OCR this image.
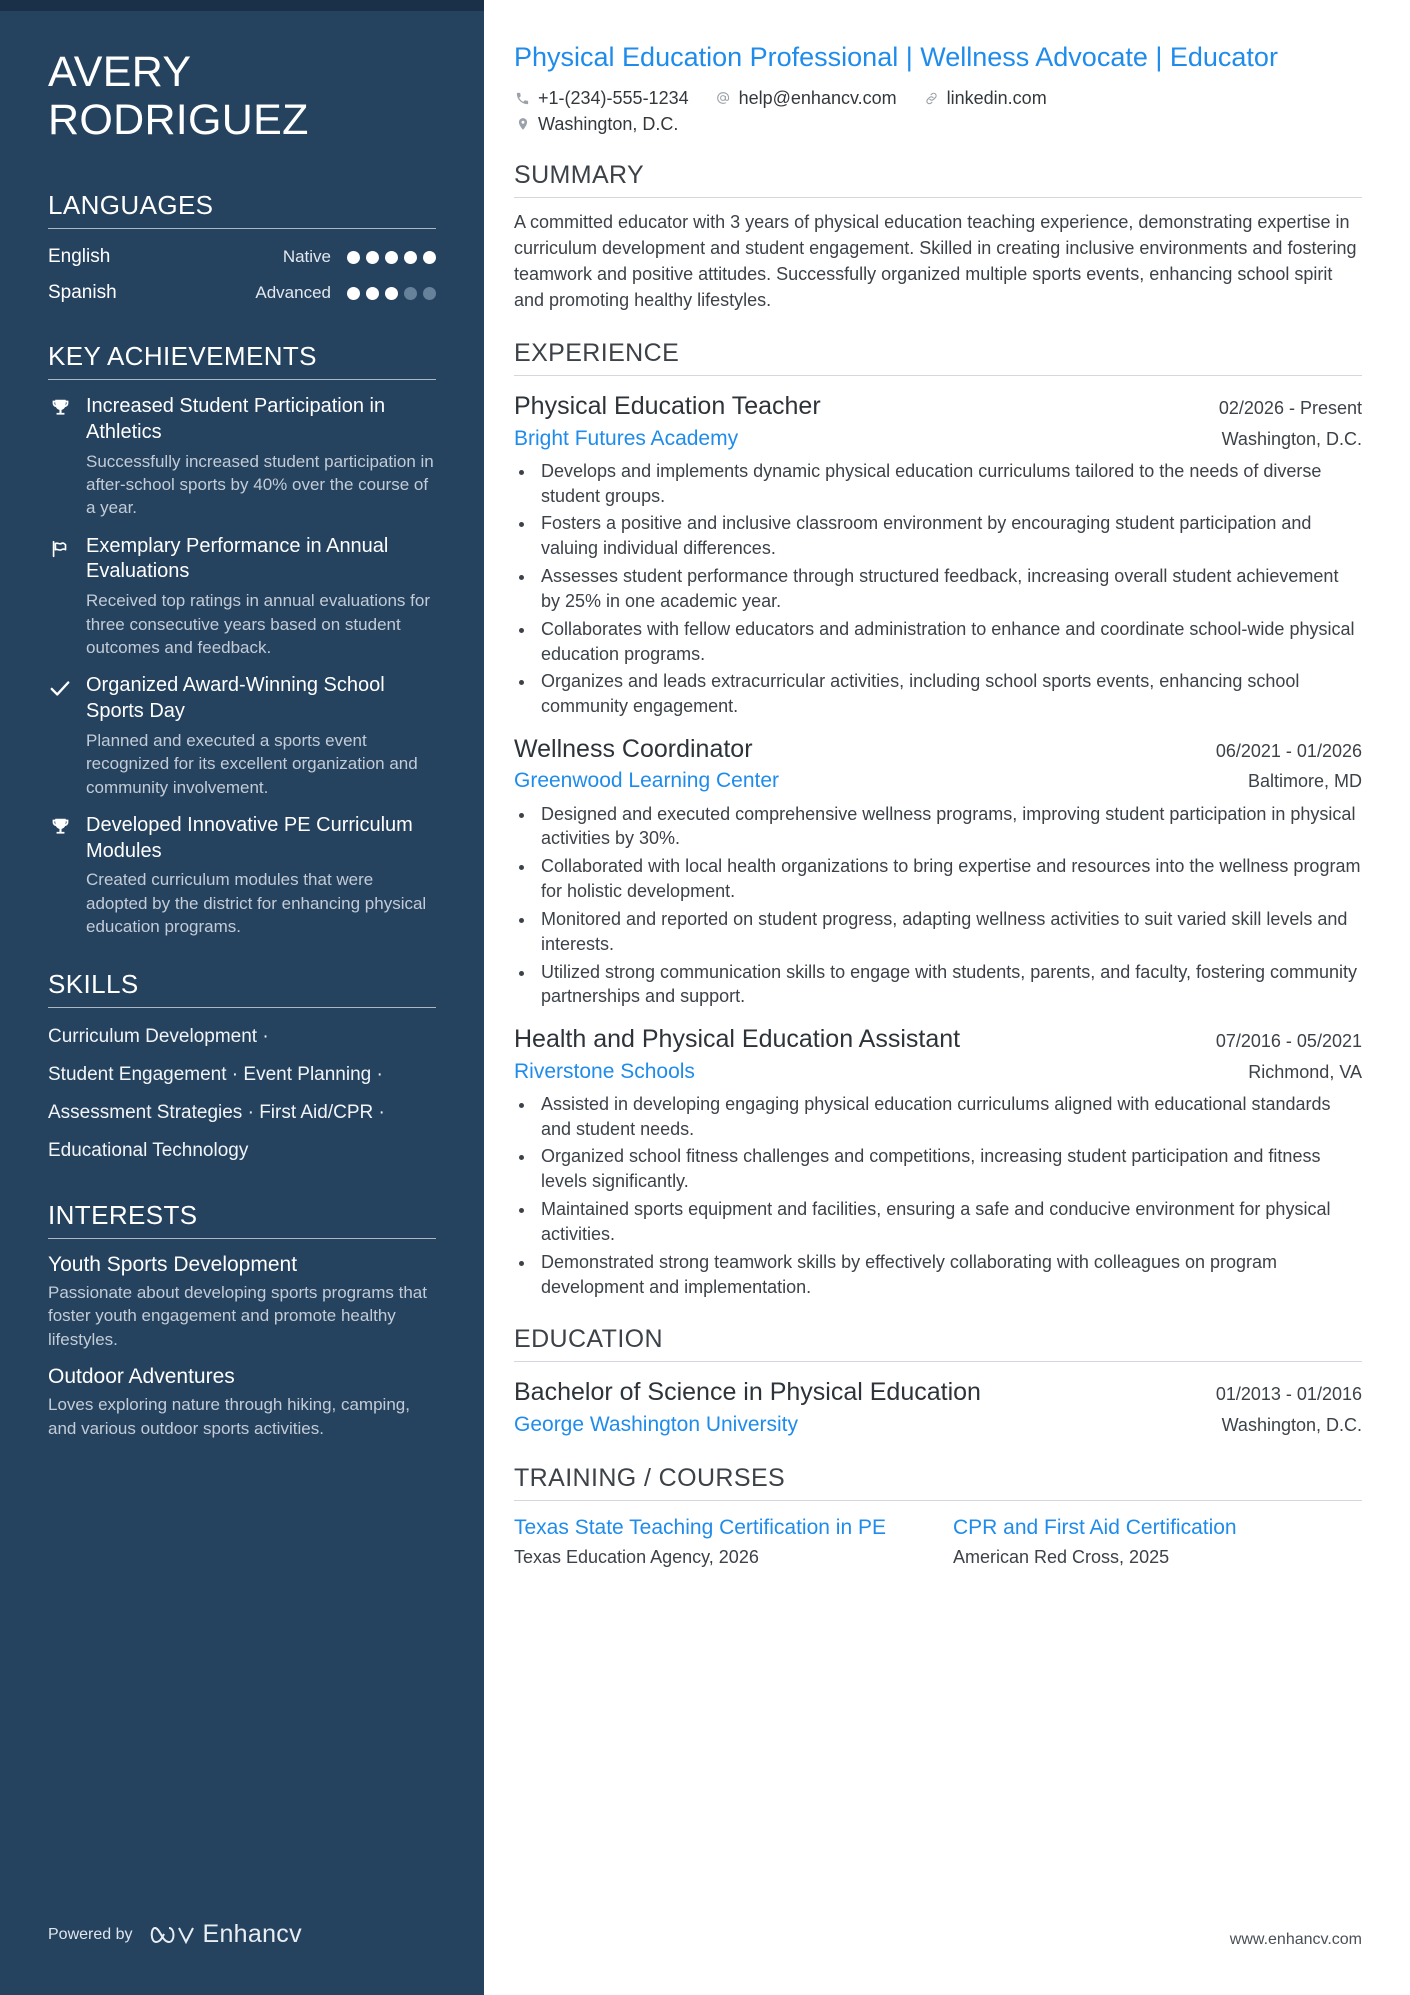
AVERY
RODRIGUEZ
LANGUAGES
English	Native
Spanish	Advanced
KEY ACHIEVEMENTS
Increased Student Participation in Athletics
Successfully increased student participation in after-school sports by 40% over the course of a year.
Exemplary Performance in Annual Evaluations
Received top ratings in annual evaluations for three consecutive years based on student outcomes and feedback.
Organized Award-Winning School Sports Day
Planned and executed a sports event recognized for its excellent organization and community involvement.
Developed Innovative PE Curriculum Modules
Created curriculum modules that were adopted by the district for enhancing physical education programs.
SKILLS
Curriculum Development ·
Student Engagement · Event Planning ·
Assessment Strategies · First Aid/CPR ·
Educational Technology
INTERESTS
Youth Sports Development
Passionate about developing sports programs that foster youth engagement and promote healthy lifestyles.
Outdoor Adventures
Loves exploring nature through hiking, camping, and various outdoor sports activities.
Powered by	Enhancv
Physical Education Professional | Wellness Advocate | Educator
+1-(234)-555-1234	help@enhancv.com	linkedin.com
Washington, D.C.
SUMMARY

A committed educator with 3 years of physical education teaching experience, demonstrating expertise in curriculum development and student engagement. Skilled in creating inclusive environments and fostering teamwork and positive attitudes. Successfully organized multiple sports events, enhancing school spirit and promoting healthy lifestyles.

EXPERIENCE
Physical Education Teacher	02/2026 - Present
Bright Futures Academy	Washington, D.C.
• Develops and implements dynamic physical education curriculums tailored to the needs of diverse student groups.
• Fosters a positive and inclusive classroom environment by encouraging student participation and valuing individual differences.
• Assesses student performance through structured feedback, increasing overall student achievement by 25% in one academic year.
• Collaborates with fellow educators and administration to enhance and coordinate school-wide physical education programs.
• Organizes and leads extracurricular activities, including school sports events, enhancing school community engagement.
Wellness Coordinator	06/2021 - 01/2026
Greenwood Learning Center	Baltimore, MD
• Designed and executed comprehensive wellness programs, improving student participation in physical activities by 30%.
• Collaborated with local health organizations to bring expertise and resources into the wellness program for holistic development.
• Monitored and reported on student progress, adapting wellness activities to suit varied skill levels and interests.
• Utilized strong communication skills to engage with students, parents, and faculty, fostering community partnerships and support.
Health and Physical Education Assistant	07/2016 - 05/2021
Riverstone Schools	Richmond, VA
• Assisted in developing engaging physical education curriculums aligned with educational standards and student needs.
• Organized school fitness challenges and competitions, increasing student participation and fitness levels significantly.
• Maintained sports equipment and facilities, ensuring a safe and conducive environment for physical activities.
• Demonstrated strong teamwork skills by effectively collaborating with colleagues on program development and implementation.
EDUCATION
Bachelor of Science in Physical Education	01/2013 - 01/2016
George Washington University	Washington, D.C.
TRAINING / COURSES
Texas State Teaching Certification in PE
Texas Education Agency, 2026
CPR and First Aid Certification
American Red Cross, 2025
www.enhancv.com
